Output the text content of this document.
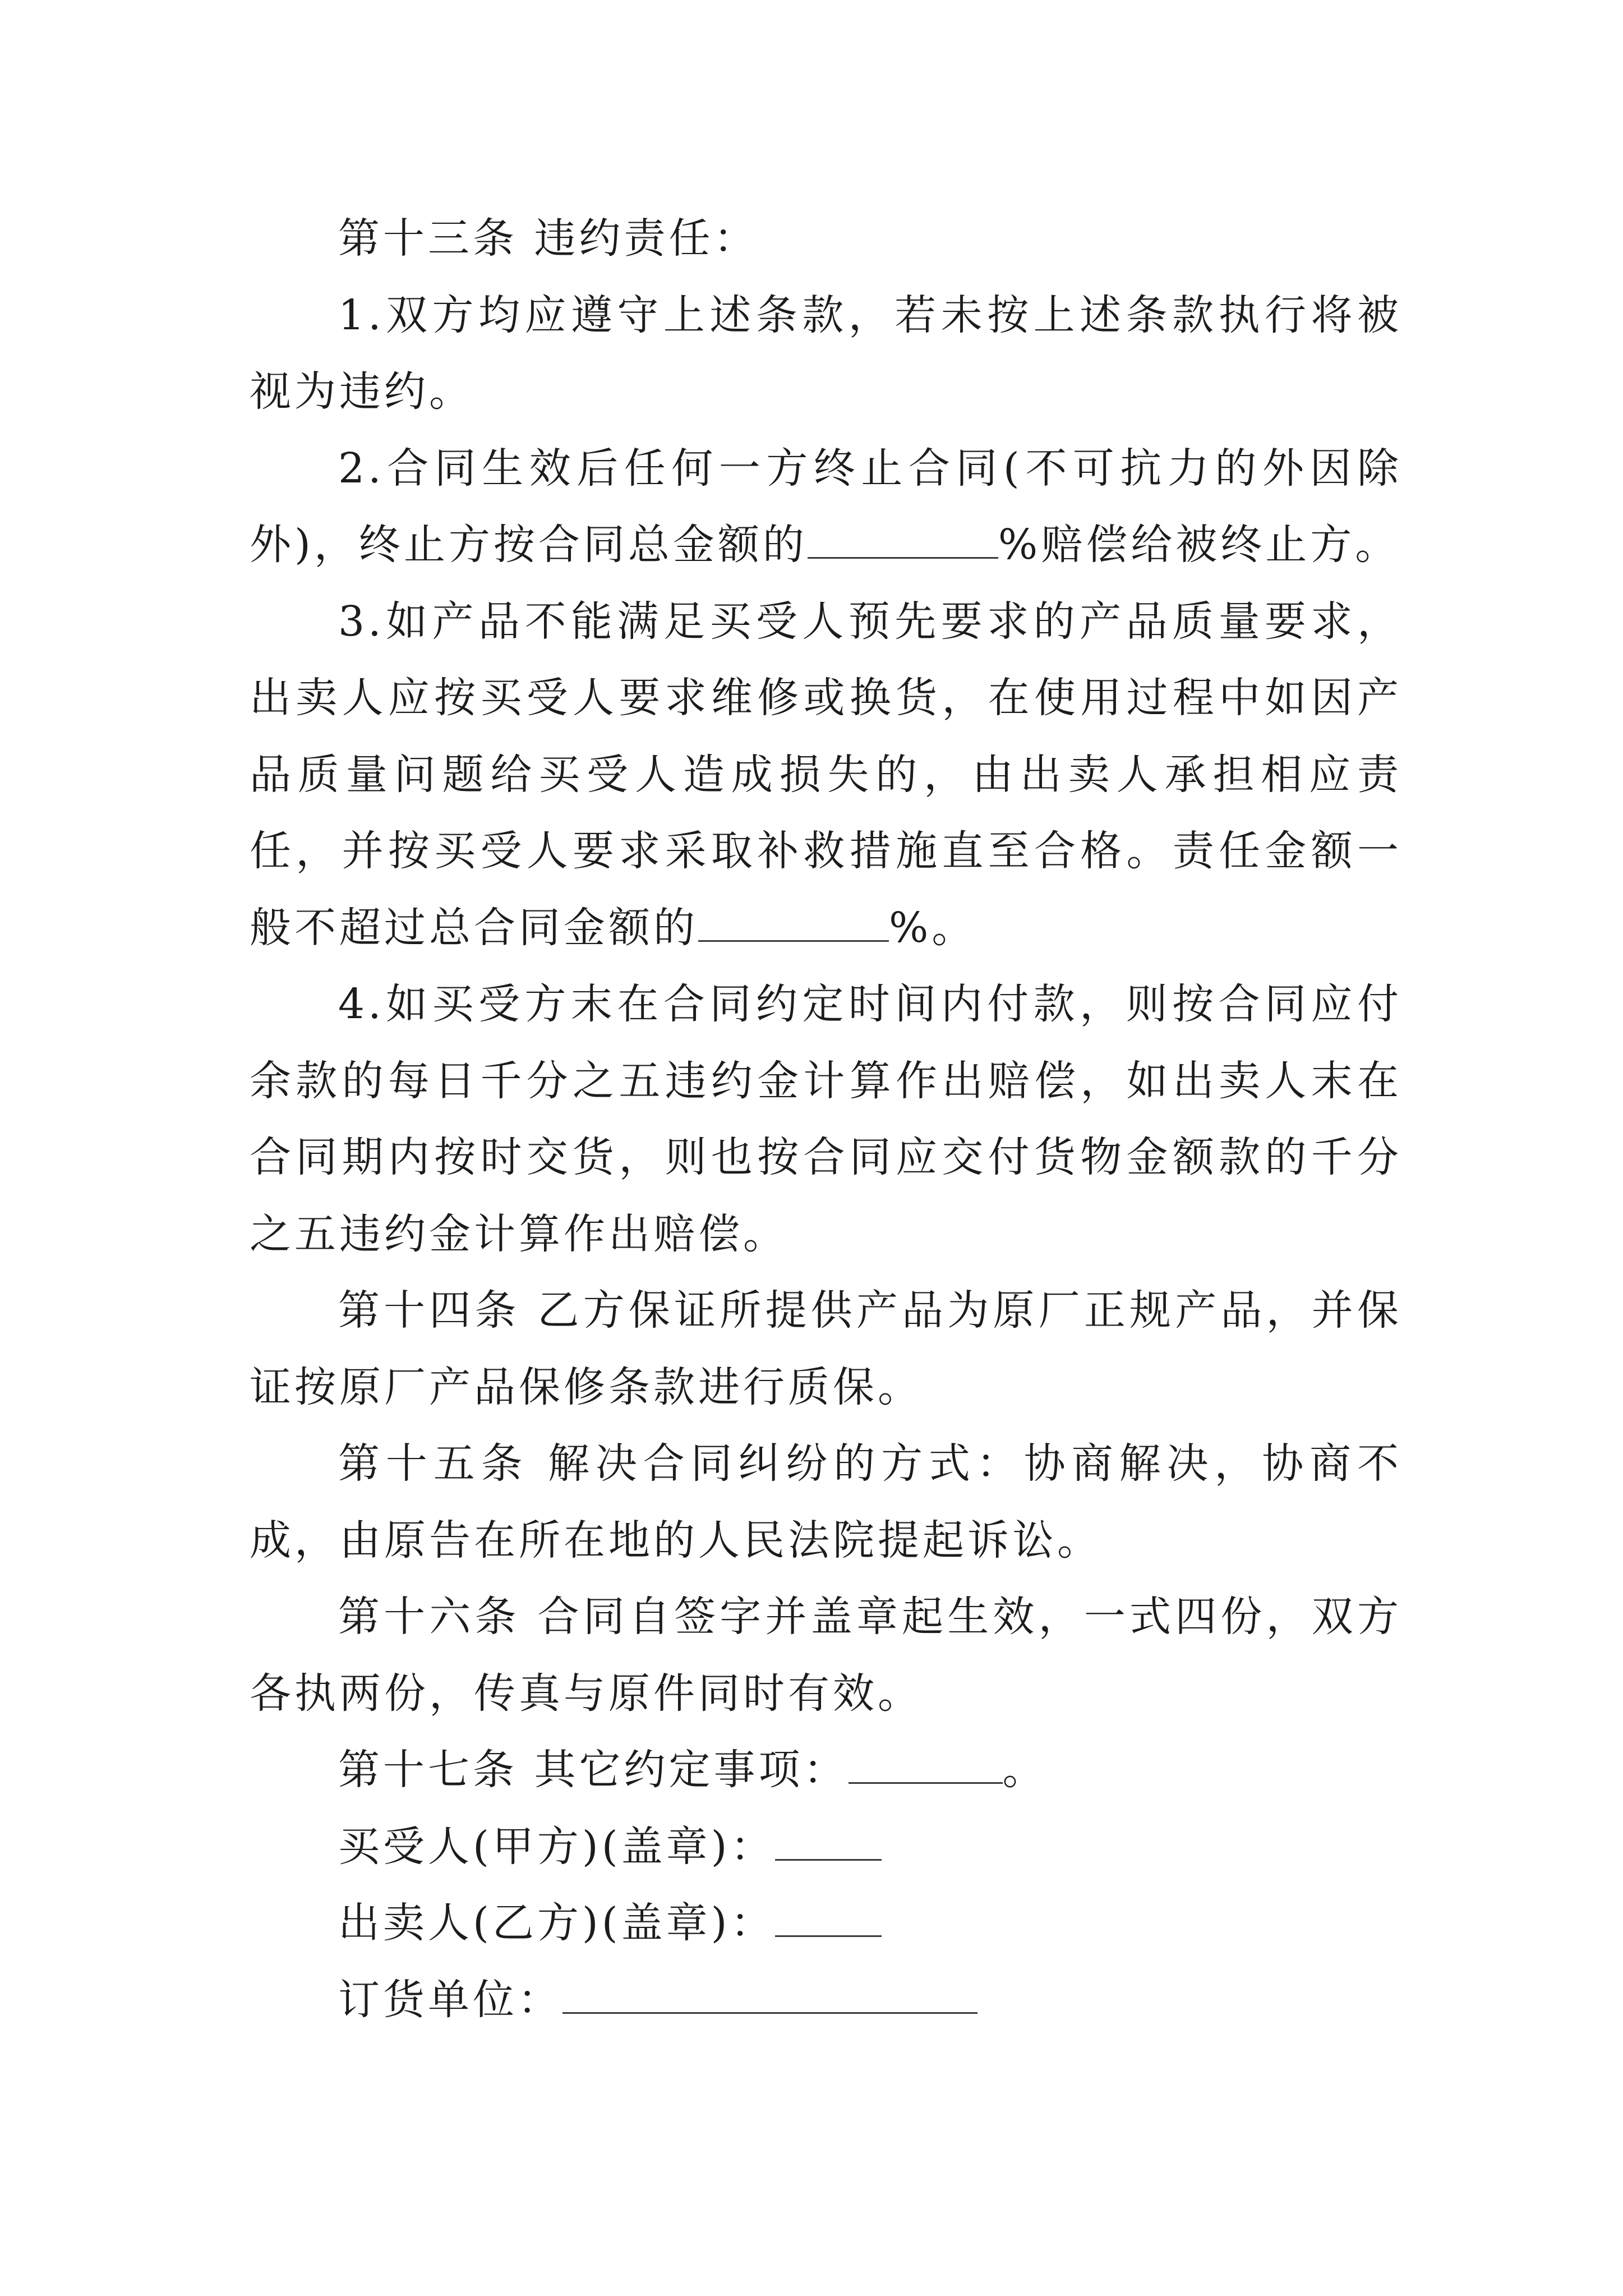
第十三条 违约责任：

1.双方均应遵守上述条款，若未按上述条款执行将被视为违约。

2.合同生效后任何一方终止合同(不可抗力的外因除外)，终止方按合同总金额的	%赔偿给被终止方。

3.如产品不能满足买受人预先要求的产品质量要求，出卖人应按买受人要求维修或换货，在使用过程中如因产品质量问题给买受人造成损失的，由出卖人承担相应责任，并按买受人要求采取补救措施直至合格。责任金额一般不超过总合同金额的	%。

4.如买受方末在合同约定时间内付款，则按合同应付余款的每日千分之五违约金计算作出赔偿，如出卖人末在合同期内按时交货，则也按合同应交付货物金额款的千分之五违约金计算作出赔偿。

第十四条 乙方保证所提供产品为原厂正规产品，并保证按原厂产品保修条款进行质保。

第十五条 解决合同纠纷的方式：协商解决，协商不成，由原告在所在地的人民法院提起诉讼。

第十六条 合同自签字并盖章起生效，一式四份，双方各执两份，传真与原件同时有效。

第十七条 其它约定事项：	。

买受人(甲方)(盖章)：

出卖人(乙方)(盖章)：

订货单位：
